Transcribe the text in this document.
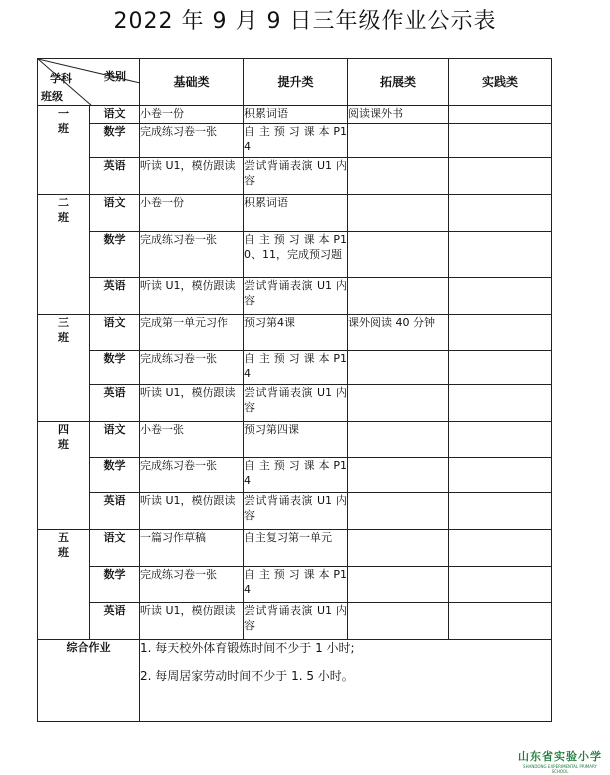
2022 年 9 月 9 日三年级作业公示表
类别
学科
班级		基础类	提升类	拓展类	实践类
一
班	语文	小卷一份	积累词语	阅读课外书	
	数学	完成练习卷一张	自 主 预 习 课 本 P14		
	英语	听读 U1，模仿跟读	尝试背诵表演 U1 内容		
二
班	语文	小卷一份	积累词语		
	数学	完成练习卷一张	自 主 预 习 课 本 P10、11，完成预习题		
	英语	听读 U1，模仿跟读	尝试背诵表演 U1 内容		
三
班	语文	完成第一单元习作	预习第4课	课外阅读 40 分钟	
	数学	完成练习卷一张	自 主 预 习 课 本 P14		
	英语	听读 U1，模仿跟读	尝试背诵表演 U1 内容		
四
班	语文	小卷一张	预习第四课		
	数学	完成练习卷一张	自 主 预 习 课 本 P14		
	英语	听读 U1，模仿跟读	尝试背诵表演 U1 内容		
五
班	语文	一篇习作草稿	自主复习第一单元		
	数学	完成练习卷一张	自 主 预 习 课 本 P14		
	英语	听读 U1，模仿跟读	尝试背诵表演 U1 内容		
综合作业		1. 每天校外体育锻炼时间不少于 1 小时;
2. 每周居家劳动时间不少于 1. 5 小时。			
山东省实验小学
SHANDONG EXPERIMENTAL PRIMARY SCHOOL
